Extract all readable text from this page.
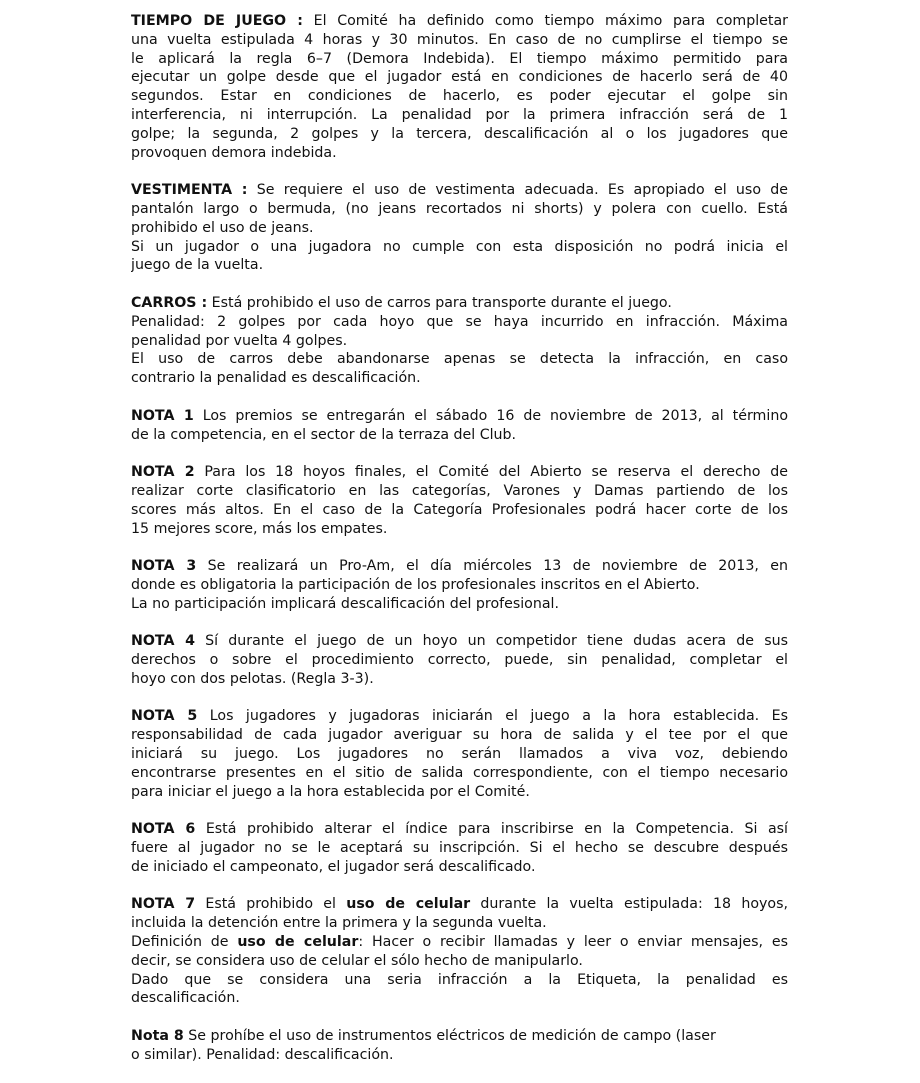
TIEMPO DE JUEGO : El Comité ha definido como tiempo máximo para completar
una vuelta estipulada 4 horas y 30 minutos. En caso de no cumplirse el tiempo se
le aplicará la regla 6–7 (Demora Indebida). El tiempo máximo permitido para
ejecutar un golpe desde que el jugador está en condiciones de hacerlo será de 40
segundos. Estar en condiciones de hacerlo, es poder ejecutar el golpe sin
interferencia, ni interrupción. La penalidad por la primera infracción será de 1
golpe; la segunda, 2 golpes y la tercera, descalificación al o los jugadores que
provoquen demora indebida.
VESTIMENTA : Se requiere el uso de vestimenta adecuada. Es apropiado el uso de
pantalón largo o bermuda, (no jeans recortados ni shorts) y polera con cuello. Está
prohibido el uso de jeans.
Si un jugador o una jugadora no cumple con esta disposición no podrá inicia el
juego de la vuelta.
CARROS : Está prohibido el uso de carros para transporte durante el juego.
Penalidad: 2 golpes por cada hoyo que se haya incurrido en infracción. Máxima
penalidad por vuelta 4 golpes.
El uso de carros debe abandonarse apenas se detecta la infracción, en caso
contrario la penalidad es descalificación.
NOTA 1 Los premios se entregarán el sábado 16 de noviembre de 2013, al término
de la competencia, en el sector de la terraza del Club.
NOTA 2 Para los 18 hoyos finales, el Comité del Abierto se reserva el derecho de
realizar corte clasificatorio en las categorías, Varones y Damas partiendo de los
scores más altos. En el caso de la Categoría Profesionales podrá hacer corte de los
15 mejores score, más los empates.
NOTA 3 Se realizará un Pro-Am, el día miércoles 13 de noviembre de 2013, en
donde es obligatoria la participación de los profesionales inscritos en el Abierto.
La no participación implicará descalificación del profesional.
NOTA 4 Sí durante el juego de un hoyo un competidor tiene dudas acera de sus
derechos o sobre el procedimiento correcto, puede, sin penalidad, completar el
hoyo con dos pelotas. (Regla 3-3).
NOTA 5 Los jugadores y jugadoras iniciarán el juego a la hora establecida. Es
responsabilidad de cada jugador averiguar su hora de salida y el tee por el que
iniciará su juego. Los jugadores no serán llamados a viva voz, debiendo
encontrarse presentes en el sitio de salida correspondiente, con el tiempo necesario
para iniciar el juego a la hora establecida por el Comité.
NOTA 6 Está prohibido alterar el índice para inscribirse en la Competencia. Si así
fuere al jugador no se le aceptará su inscripción. Si el hecho se descubre después
de iniciado el campeonato, el jugador será descalificado.
NOTA 7 Está prohibido el uso de celular durante la vuelta estipulada: 18 hoyos,
incluida la detención entre la primera y la segunda vuelta.
Definición de uso de celular: Hacer o recibir llamadas y leer o enviar mensajes, es
decir, se considera uso de celular el sólo hecho de manipularlo.
Dado que se considera una seria infracción a la Etiqueta, la penalidad es
descalificación.
Nota 8 Se prohíbe el uso de instrumentos eléctricos de medición de campo (laser
o similar). Penalidad: descalificación.
